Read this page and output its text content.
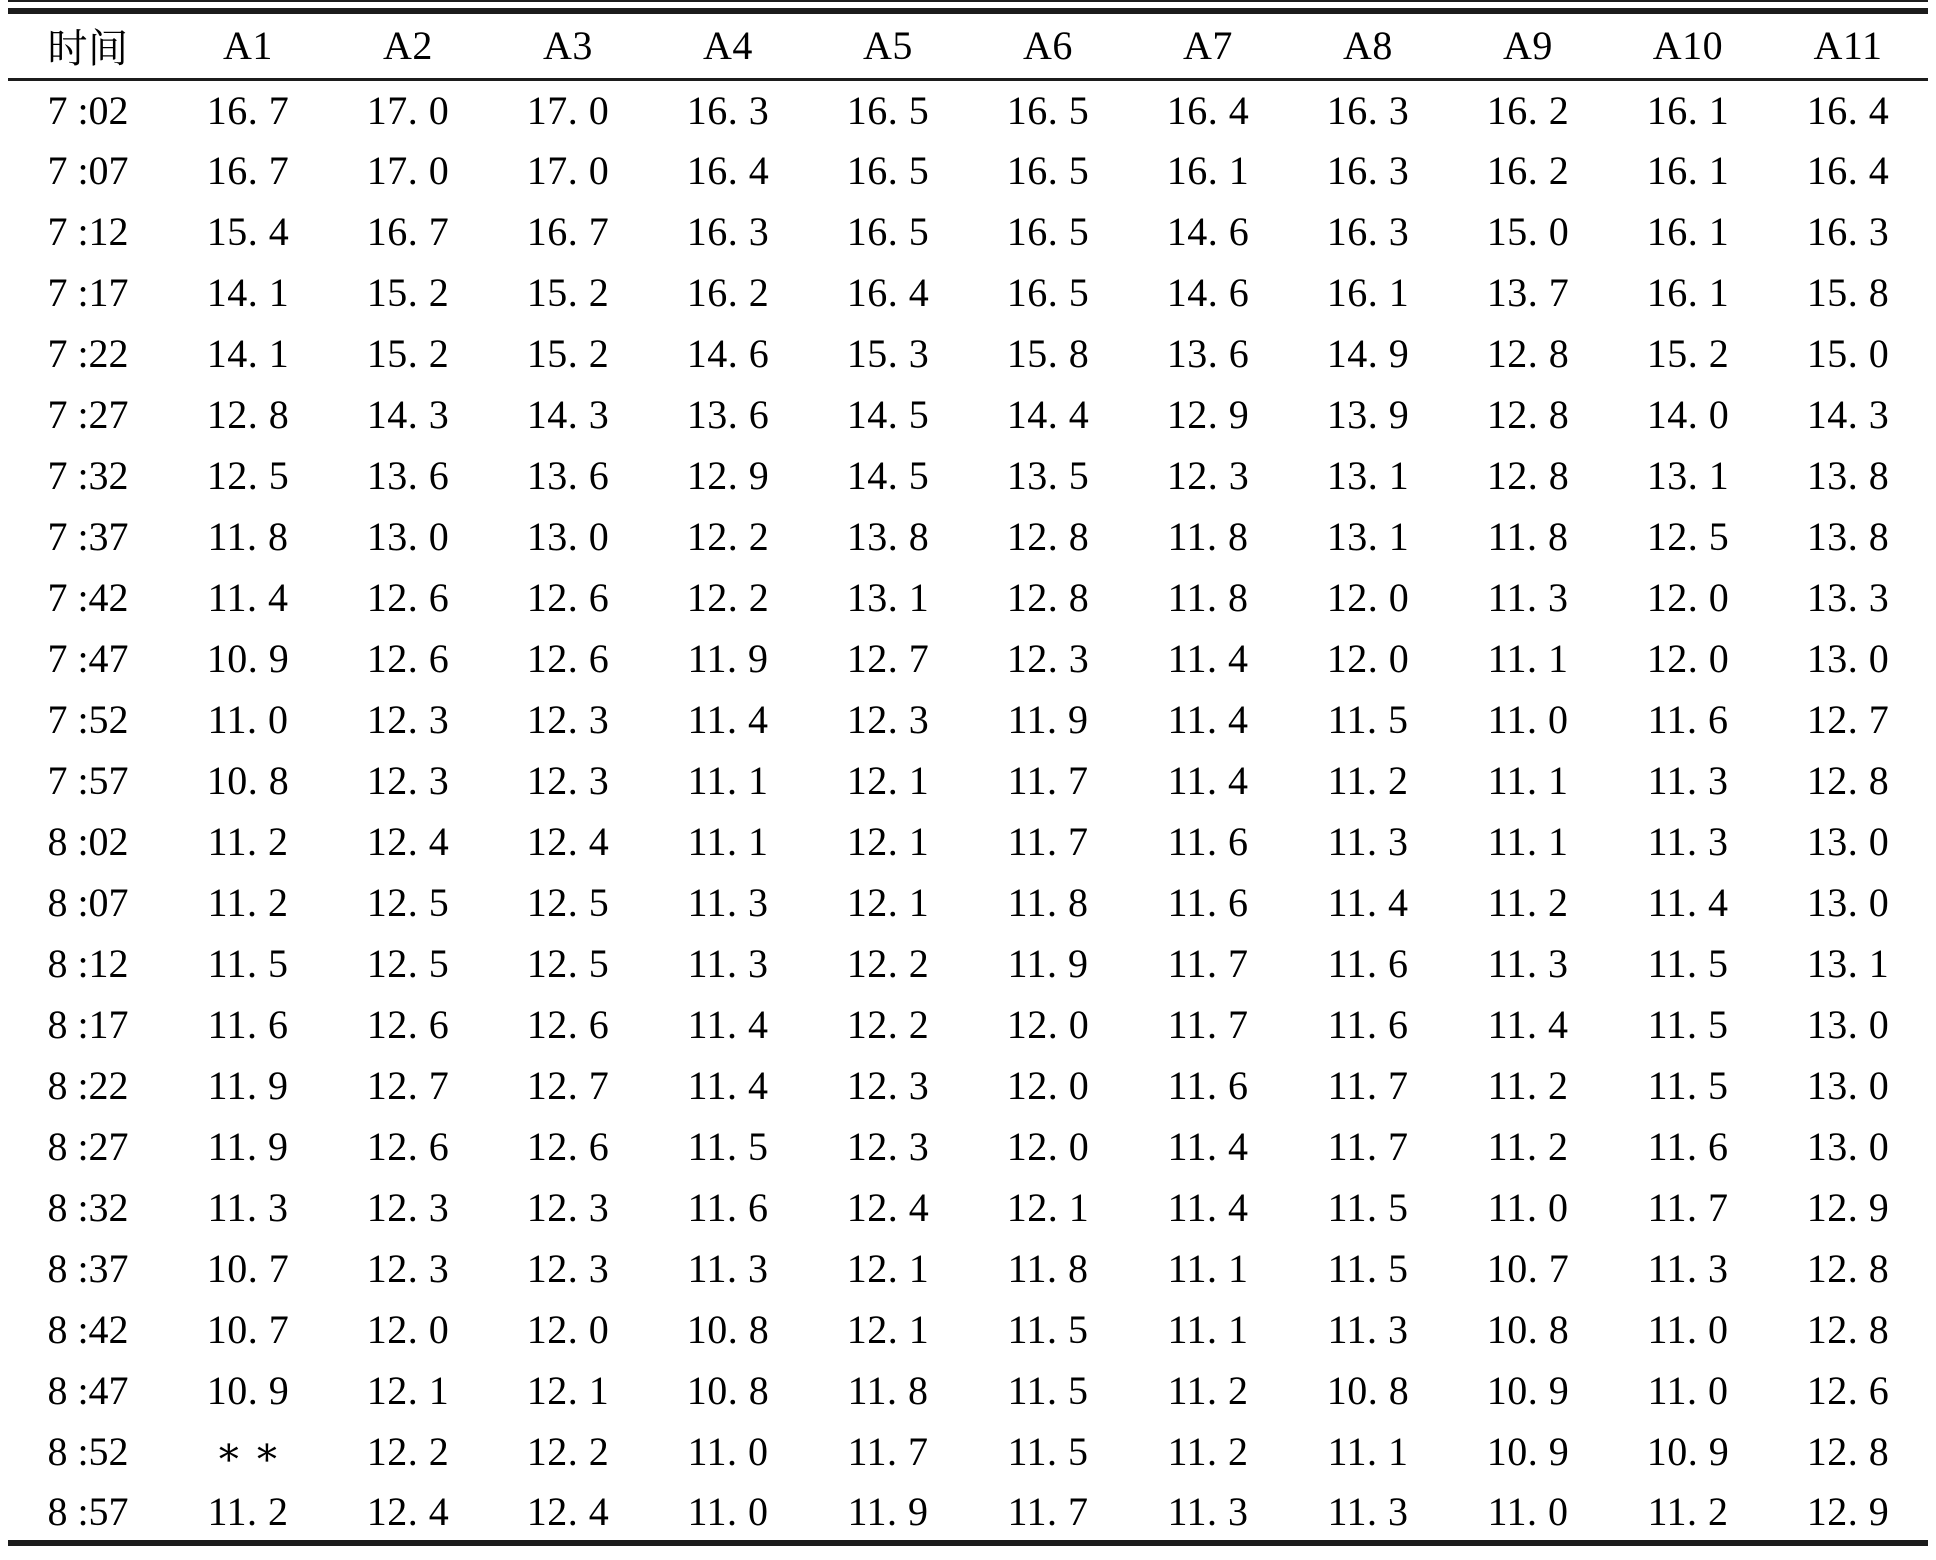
时间	A1	A2	A3	A4	A5	A6	A7	A8	A9	A10	A11
7 :02	16. 7	17. 0	17. 0	16. 3	16. 5	16. 5	16. 4	16. 3	16. 2	16. 1	16. 4
7 :07	16. 7	17. 0	17. 0	16. 4	16. 5	16. 5	16. 1	16. 3	16. 2	16. 1	16. 4
7 :12	15. 4	16. 7	16. 7	16. 3	16. 5	16. 5	14. 6	16. 3	15. 0	16. 1	16. 3
7 :17	14. 1	15. 2	15. 2	16. 2	16. 4	16. 5	14. 6	16. 1	13. 7	16. 1	15. 8
7 :22	14. 1	15. 2	15. 2	14. 6	15. 3	15. 8	13. 6	14. 9	12. 8	15. 2	15. 0
7 :27	12. 8	14. 3	14. 3	13. 6	14. 5	14. 4	12. 9	13. 9	12. 8	14. 0	14. 3
7 :32	12. 5	13. 6	13. 6	12. 9	14. 5	13. 5	12. 3	13. 1	12. 8	13. 1	13. 8
7 :37	11. 8	13. 0	13. 0	12. 2	13. 8	12. 8	11. 8	13. 1	11. 8	12. 5	13. 8
7 :42	11. 4	12. 6	12. 6	12. 2	13. 1	12. 8	11. 8	12. 0	11. 3	12. 0	13. 3
7 :47	10. 9	12. 6	12. 6	11. 9	12. 7	12. 3	11. 4	12. 0	11. 1	12. 0	13. 0
7 :52	11. 0	12. 3	12. 3	11. 4	12. 3	11. 9	11. 4	11. 5	11. 0	11. 6	12. 7
7 :57	10. 8	12. 3	12. 3	11. 1	12. 1	11. 7	11. 4	11. 2	11. 1	11. 3	12. 8
8 :02	11. 2	12. 4	12. 4	11. 1	12. 1	11. 7	11. 6	11. 3	11. 1	11. 3	13. 0
8 :07	11. 2	12. 5	12. 5	11. 3	12. 1	11. 8	11. 6	11. 4	11. 2	11. 4	13. 0
8 :12	11. 5	12. 5	12. 5	11. 3	12. 2	11. 9	11. 7	11. 6	11. 3	11. 5	13. 1
8 :17	11. 6	12. 6	12. 6	11. 4	12. 2	12. 0	11. 7	11. 6	11. 4	11. 5	13. 0
8 :22	11. 9	12. 7	12. 7	11. 4	12. 3	12. 0	11. 6	11. 7	11. 2	11. 5	13. 0
8 :27	11. 9	12. 6	12. 6	11. 5	12. 3	12. 0	11. 4	11. 7	11. 2	11. 6	13. 0
8 :32	11. 3	12. 3	12. 3	11. 6	12. 4	12. 1	11. 4	11. 5	11. 0	11. 7	12. 9
8 :37	10. 7	12. 3	12. 3	11. 3	12. 1	11. 8	11. 1	11. 5	10. 7	11. 3	12. 8
8 :42	10. 7	12. 0	12. 0	10. 8	12. 1	11. 5	11. 1	11. 3	10. 8	11. 0	12. 8
8 :47	10. 9	12. 1	12. 1	10. 8	11. 8	11. 5	11. 2	10. 8	10. 9	11. 0	12. 6
8 :52	∗ ∗	12. 2	12. 2	11. 0	11. 7	11. 5	11. 2	11. 1	10. 9	10. 9	12. 8
8 :57	11. 2	12. 4	12. 4	11. 0	11. 9	11. 7	11. 3	11. 3	11. 0	11. 2	12. 9
